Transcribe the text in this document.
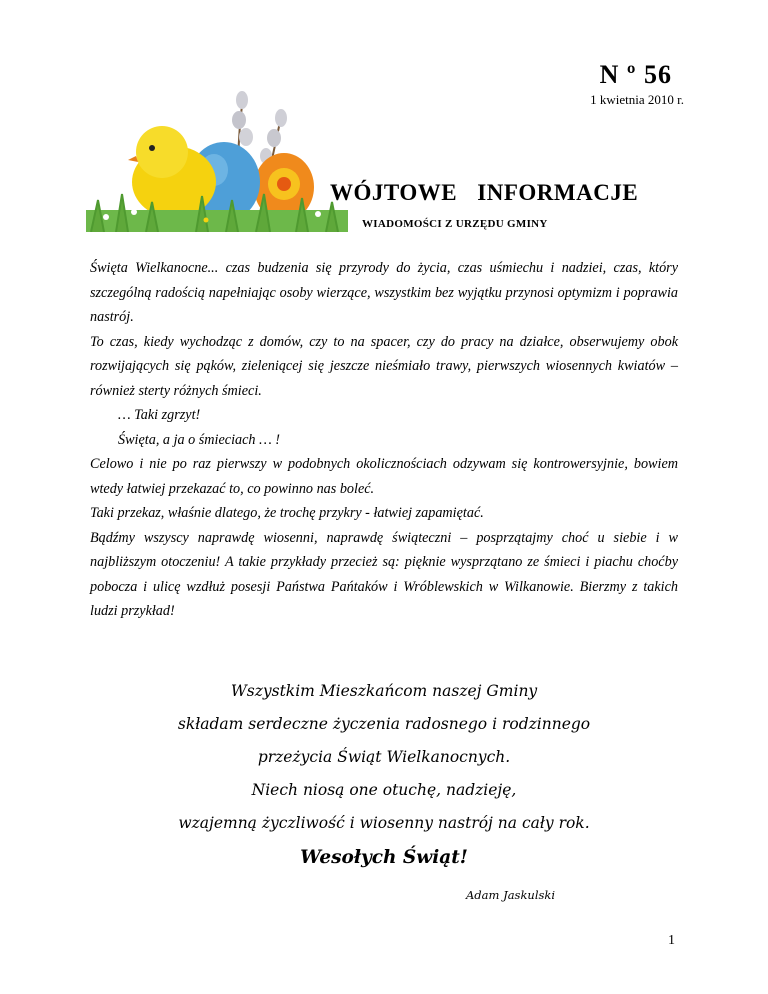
N º 56
1 kwietnia 2010 r.
WÓJTOWE INFORMACJE
WIADOMOŚCI Z URZĘDU GMINY

Święta Wielkanocne... czas budzenia się przyrody do życia, czas uśmiechu i nadziei, czas, który szczególną radością napełniając osoby wierzące, wszystkim bez wyjątku przynosi optymizm i poprawia nastrój.

To czas, kiedy wychodząc z domów, czy to na spacer, czy do pracy na działce, obserwujemy obok rozwijających się pąków, zieleniącej się jeszcze nieśmiało trawy, pierwszych wiosennych kwiatów – również sterty różnych śmieci.

… Taki zgrzyt!

Święta, a ja o śmieciach … !

Celowo i nie po raz pierwszy w podobnych okolicznościach odzywam się kontrowersyjnie, bowiem wtedy łatwiej przekazać to, co powinno nas boleć.

Taki przekaz, właśnie dlatego, że trochę przykry - łatwiej zapamiętać.

Bądźmy wszyscy naprawdę wiosenni, naprawdę świąteczni – posprzątajmy choć u siebie i w najbliższym otoczeniu! A takie przykłady przecież są: pięknie wysprzątano ze śmieci i piachu choćby pobocza i ulicę wzdłuż posesji Państwa Pańtaków i Wróblewskich w Wilkanowie. Bierzmy z takich ludzi przykład!

Wszystkim Mieszkańcom naszej Gminy
składam serdeczne życzenia radosnego i rodzinnego
przeżycia Świąt Wielkanocnych.
Niech niosą one otuchę, nadzieję,
wzajemną życzliwość i wiosenny nastrój na cały rok.
Wesołych Świąt!
Adam Jaskulski
1
